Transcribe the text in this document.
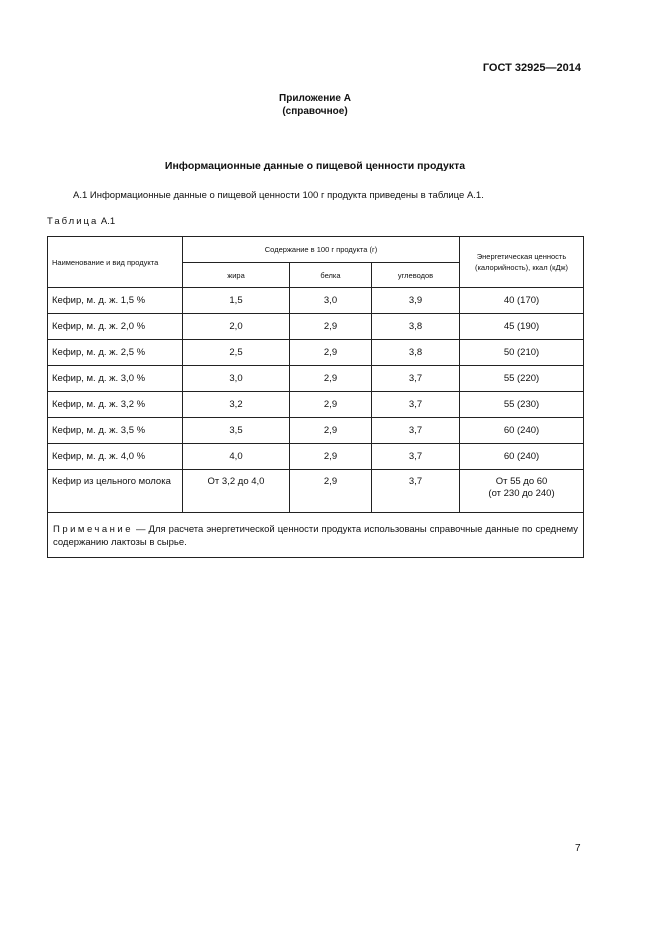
ГОСТ 32925—2014
Приложение А
(справочное)
Информационные данные о пищевой ценности продукта
А.1 Информационные данные о пищевой ценности 100 г продукта приведены в таблице А.1.
Таблица А.1
Наименование и вид продукта	Содержание в 100 г продукта (г)			Энергетическая ценность (калорийность), ккал (кДж)
	жира	белка	углеводов	
Кефир, м. д. ж. 1,5 %	1,5	3,0	3,9	40 (170)
Кефир, м. д. ж. 2,0 %	2,0	2,9	3,8	45 (190)
Кефир, м. д. ж. 2,5 %	2,5	2,9	3,8	50 (210)
Кефир, м. д. ж. 3,0 %	3,0	2,9	3,7	55 (220)
Кефир, м. д. ж. 3,2 %	3,2	2,9	3,7	55 (230)
Кефир, м. д. ж. 3,5 %	3,5	2,9	3,7	60 (240)
Кефир, м. д. ж. 4,0 %	4,0	2,9	3,7	60 (240)
Кефир из цельного молока	От 3,2 до 4,0	2,9	3,7	От 55 до 60
(от 230 до 240)

Примечание — Для расчета энергетической ценности продукта использованы справочные данные по среднему содержанию лактозы в сырье.				
7
